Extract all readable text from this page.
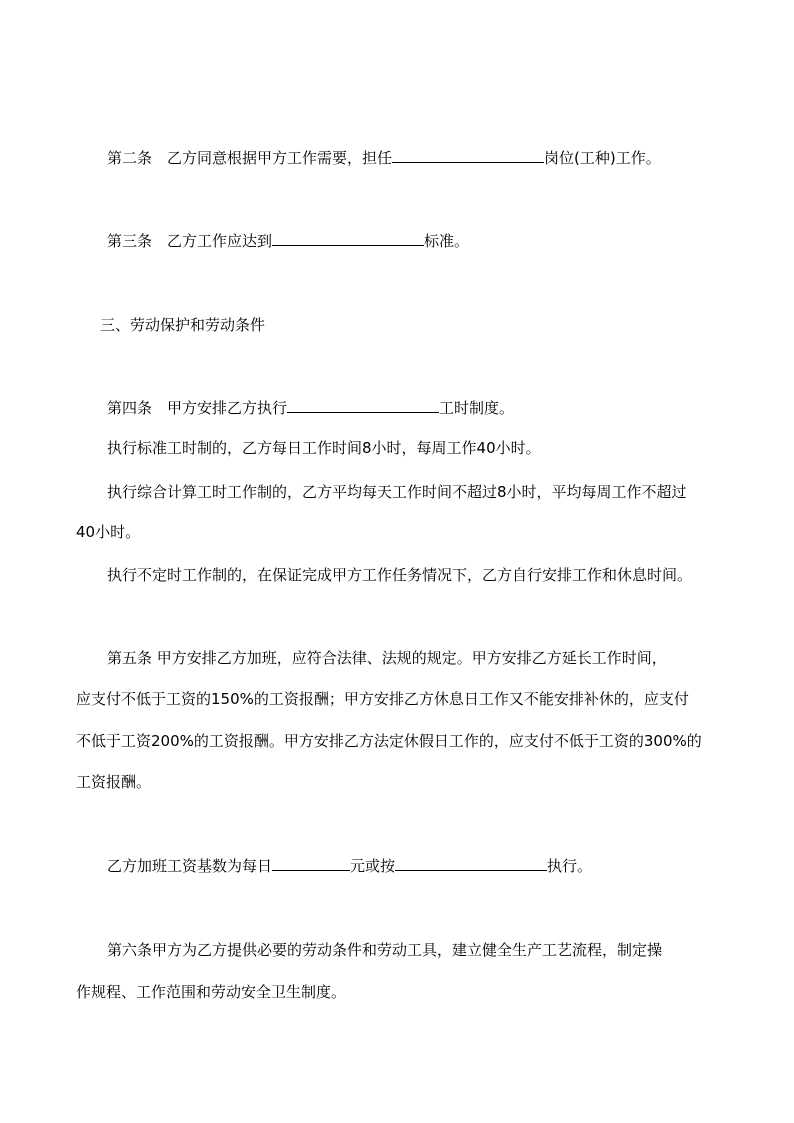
第二条 乙方同意根据甲方工作需要，担任	岗位(工种)工作。
第三条 乙方工作应达到	标准。
三、劳动保护和劳动条件
第四条 甲方安排乙方执行	工时制度。
执行标准工时制的，乙方每日工作时间8小时，每周工作40小时。
执行综合计算工时工作制的，乙方平均每天工作时间不超过8小时，平均每周工作不超过
40小时。
执行不定时工作制的，在保证完成甲方工作任务情况下，乙方自行安排工作和休息时间。
第五条 甲方安排乙方加班，应符合法律、法规的规定。甲方安排乙方延长工作时间，
应支付不低于工资的150%的工资报酬；甲方安排乙方休息日工作又不能安排补休的，应支付
不低于工资200%的工资报酬。甲方安排乙方法定休假日工作的，应支付不低于工资的300%的
工资报酬。
乙方加班工资基数为每日	元或按	执行。
第六条甲方为乙方提供必要的劳动条件和劳动工具，建立健全生产工艺流程，制定操
作规程、工作范围和劳动安全卫生制度。
